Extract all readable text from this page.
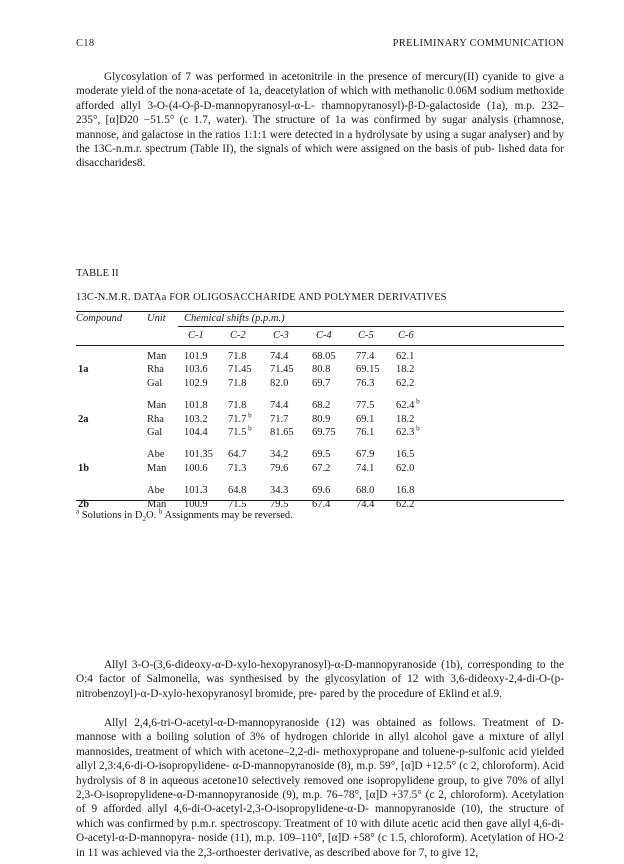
C18	PRELIMINARY COMMUNICATION

Glycosylation of 7 was performed in acetonitrile in the presence of mercury(II) cyanide to give a moderate yield of the nona-acetate of 1a, deacetylation of which with methanolic 0.06M sodium methoxide afforded allyl 3-O-(4-O-β-D-mannopyranosyl-α-L- rhamnopyranosyl)-β-D-galactoside (1a), m.p. 232–235°, [α]D20 −51.5° (c 1.7, water). The structure of 1a was confirmed by sugar analysis (rhamnose, mannose, and galactose in the ratios 1:1:1 were detected in a hydrolysate by using a sugar analyser) and by the 13C-n.m.r. spectrum (Table II), the signals of which were assigned on the basis of pub- lished data for disaccharides8.

TABLE II
13C-N.M.R. DATAa FOR OLIGOSACCHARIDE AND POLYMER DERIVATIVES
Compound Unit Chemical shifts (p.p.m.)
C-1	C-2	C-3	C-4	C-5 C-6
1a
Man 101.9 71.8 74.4 68.05 77.4 62.1
Rha 103.6 71.45 71.45 80.8 69.15 18.2
Gal 102.9 71.8 82.0 69.7 76.3 62.2
2a
Man 101.8 71.8 74.4 68.2 77.5 62.4 $^b$
Rha 103.2 71.7 $^b$ 71.7 80.9 69.1 18.2
Gal 104.4 71.5 $^b$ 81.65 69.75 76.1 62.3 $^b$
1b
Abe 101.35 64.7 34.2 69.5 67.9 16.5
Man 100.6 71.3 79.6 67.2 74.1 62.0
2b
Abe 101.3 64.8 34.3 69.6 68.0 16.8
Man 100.9 71.5 79.5 67.4 74.4 62.2
$^a$ Solutions in $D_2O$. $^b$ Assignments may be reversed.

Allyl 3-O-(3,6-dideoxy-α-D-xylo-hexopyranosyl)-α-D-mannopyranoside (1b), corresponding to the O:4 factor of Salmonella, was synthesised by the glycosylation of 12 with 3,6-dideoxy-2,4-di-O-(p-nitrobenzoyl)-α-D-xylo-hexopyranosyl bromide, pre- pared by the procedure of Eklind et al.9.

Allyl 2,4,6-tri-O-acetyl-α-D-mannopyranoside (12) was obtained as follows. Treatment of D-mannose with a boiling solution of 3% of hydrogen chloride in allyl alcohol gave a mixture of allyl mannosides, treatment of which with acetone–2,2-di- methoxypropane and toluene-p-sulfonic acid yielded allyl 2,3:4,6-di-O-isopropylidene- α-D-mannopyranoside (8), m.p. 59°, [α]D +12.5° (c 2, chloroform). Acid hydrolysis of 8 in aqueous acetone10 selectively removed one isopropylidene group, to give 70% of allyl 2,3-O-isopropylidene-α-D-mannopyranoside (9), m.p. 76–78°, [α]D +37.5° (c 2, chloroform). Acetylation of 9 afforded allyl 4,6-di-O-acetyl-2,3-O-isopropylidene-α-D- mannopyranoside (10), the structure of which was confirmed by p.m.r. spectroscopy. Treatment of 10 with dilute acetic acid then gave allyl 4,6-di-O-acetyl-α-D-mannopyra- noside (11), m.p. 109–110°, [α]D +58° (c 1.5, chloroform). Acetylation of HO-2 in 11 was achieved via the 2,3-orthoester derivative, as described above for 7, to give 12,
